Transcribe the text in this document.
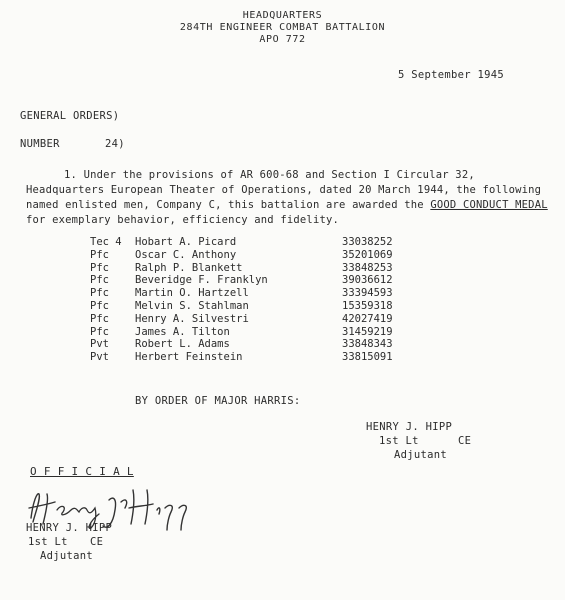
HEADQUARTERS
284TH ENGINEER COMBAT BATTALION
APO 772
5 September 1945
GENERAL ORDERS)
NUMBER	24)
1. Under the provisions of AR 600-68 and Section I Circular 32, Headquarters European Theater of Operations, dated 20 March 1944, the following named enlisted men, Company C, this battalion are awarded the GOOD CONDUCT MEDAL for exemplary behavior, efficiency and fidelity.
Tec 4 Hobart A. Picard	33038252
Pfc Oscar C. Anthony	35201069
Pfc Ralph P. Blankett	33848253
Pfc Beveridge F. Franklyn	39036612
Pfc Martin O. Hartzell	33394593
Pfc Melvin S. Stahlman	15359318
Pfc Henry A. Silvestri	42027419
Pfc James A. Tilton	31459219
Pvt Robert L. Adams	33848343
Pvt Herbert Feinstein	33815091
BY ORDER OF MAJOR HARRIS:
HENRY J. HIPP
1st Lt	CE
Adjutant
O F F I C I A L
HENRY J. HIPP
1st Lt CE
Adjutant
